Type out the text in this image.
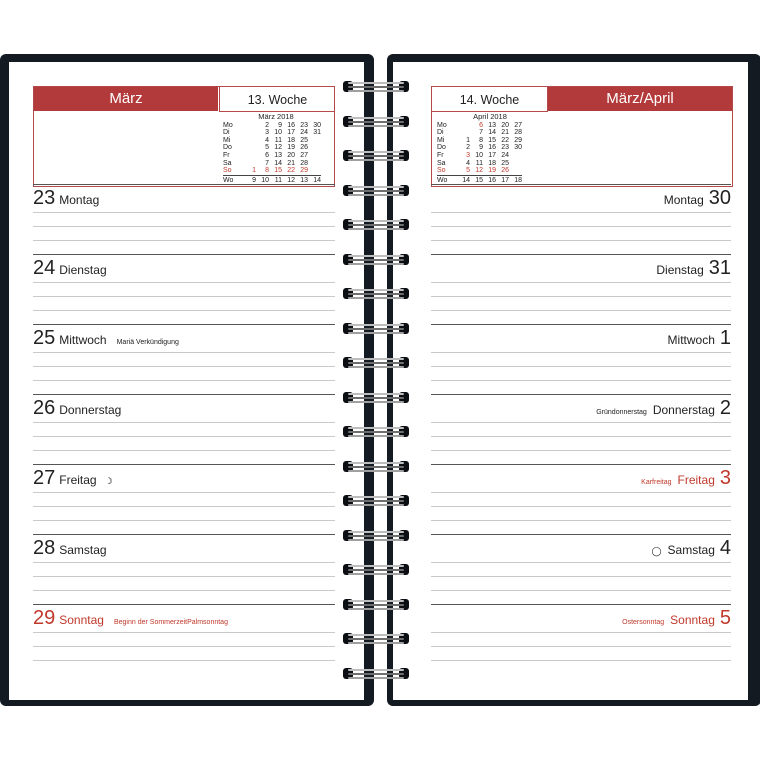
März	13. Woche
März 2018
Mo		2	9	16	23	30
Di		3	10	17	24	31
Mi		4	11	18	25	
Do		5	12	19	26	
Fr		6	13	20	27	
Sa		7	14	21	28	
So	1	8	15	22	29	
Wo	9	10	11	12	13	14
23 Montag
24 Dienstag
25 Mittwoch Mariä Verkündigung
26 Donnerstag
27 Freitag ☽
28 Samstag
29 Sonntag Beginn der SommerzeitPalmsonntag
14. Woche	März/April
April 2018
Mo		6	13	20	27
Di		7	14	21	28
Mi	1	8	15	22	29
Do	2	9	16	23	30
Fr	3	10	17	24	
Sa	4	11	18	25	
So	5	12	19	26	
Wo	14	15	16	17	18
Montag 30
Dienstag 31
Mittwoch 1
Gründonnerstag Donnerstag 2
Karfreitag Freitag 3
◯ Samstag 4
Ostersonntag Sonntag 5
